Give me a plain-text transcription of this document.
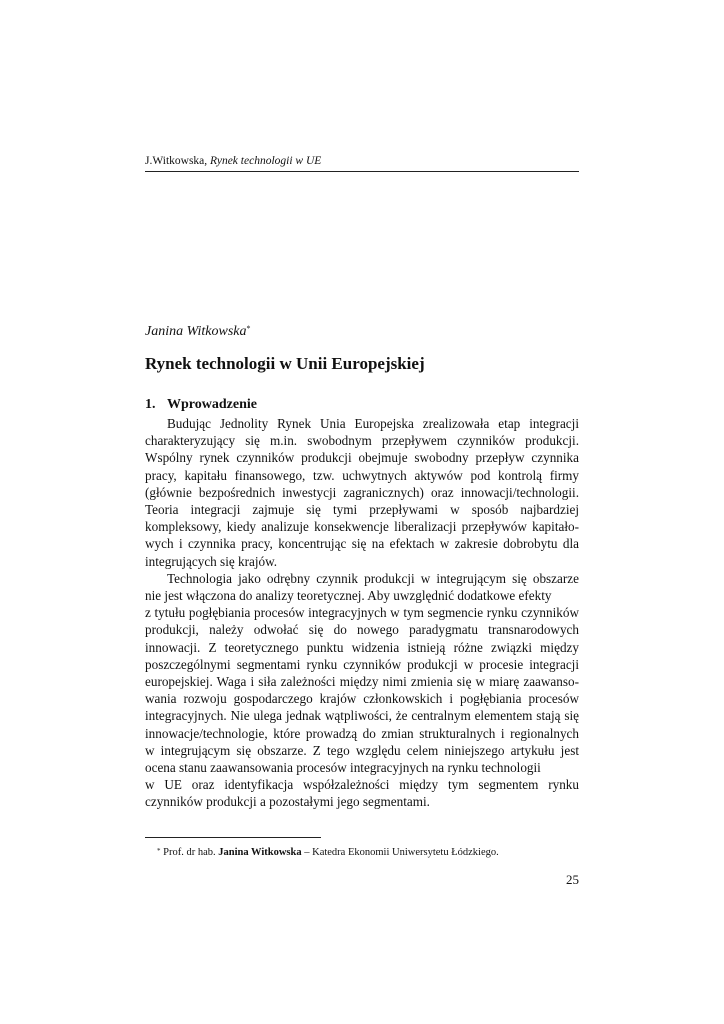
J.Witkowska, Rynek technologii w UE
Janina Witkowska*
Rynek technologii w Unii Europejskiej
1. Wprowadzenie

Budując Jednolity Rynek Unia Europejska zrealizowała etap integracji
charakteryzujący się m.in. swobodnym przepływem czynników produkcji.
Wspólny rynek czynników produkcji obejmuje swobodny przepływ czynnika
pracy, kapitału finansowego, tzw. uchwytnych aktywów pod kontrolą firmy
(głównie bezpośrednich inwestycji zagranicznych) oraz innowacji/technologii.
Teoria integracji zajmuje się tymi przepływami w sposób najbardziej
kompleksowy, kiedy analizuje konsekwencje liberalizacji przepływów kapitało-
wych i czynnika pracy, koncentrując się na efektach w zakresie dobrobytu dla
integrujących się krajów.

Technologia jako odrębny czynnik produkcji w integrującym się obszarze
nie jest włączona do analizy teoretycznej. Aby uwzględnić dodatkowe efekty
z tytułu pogłębiania procesów integracyjnych w tym segmencie rynku czynników
produkcji, należy odwołać się do nowego paradygmatu transnarodowych
innowacji. Z teoretycznego punktu widzenia istnieją różne związki między
poszczególnymi segmentami rynku czynników produkcji w procesie integracji
europejskiej. Waga i siła zależności między nimi zmienia się w miarę zaawanso-
wania rozwoju gospodarczego krajów członkowskich i pogłębiania procesów
integracyjnych. Nie ulega jednak wątpliwości, że centralnym elementem stają się
innowacje/technologie, które prowadzą do zmian strukturalnych i regionalnych
w integrującym się obszarze. Z tego względu celem niniejszego artykułu jest
ocena stanu zaawansowania procesów integracyjnych na rynku technologii
w UE oraz identyfikacja współzależności między tym segmentem rynku
czynników produkcji a pozostałymi jego segmentami.

* Prof. dr hab. Janina Witkowska – Katedra Ekonomii Uniwersytetu Łódzkiego.
25
